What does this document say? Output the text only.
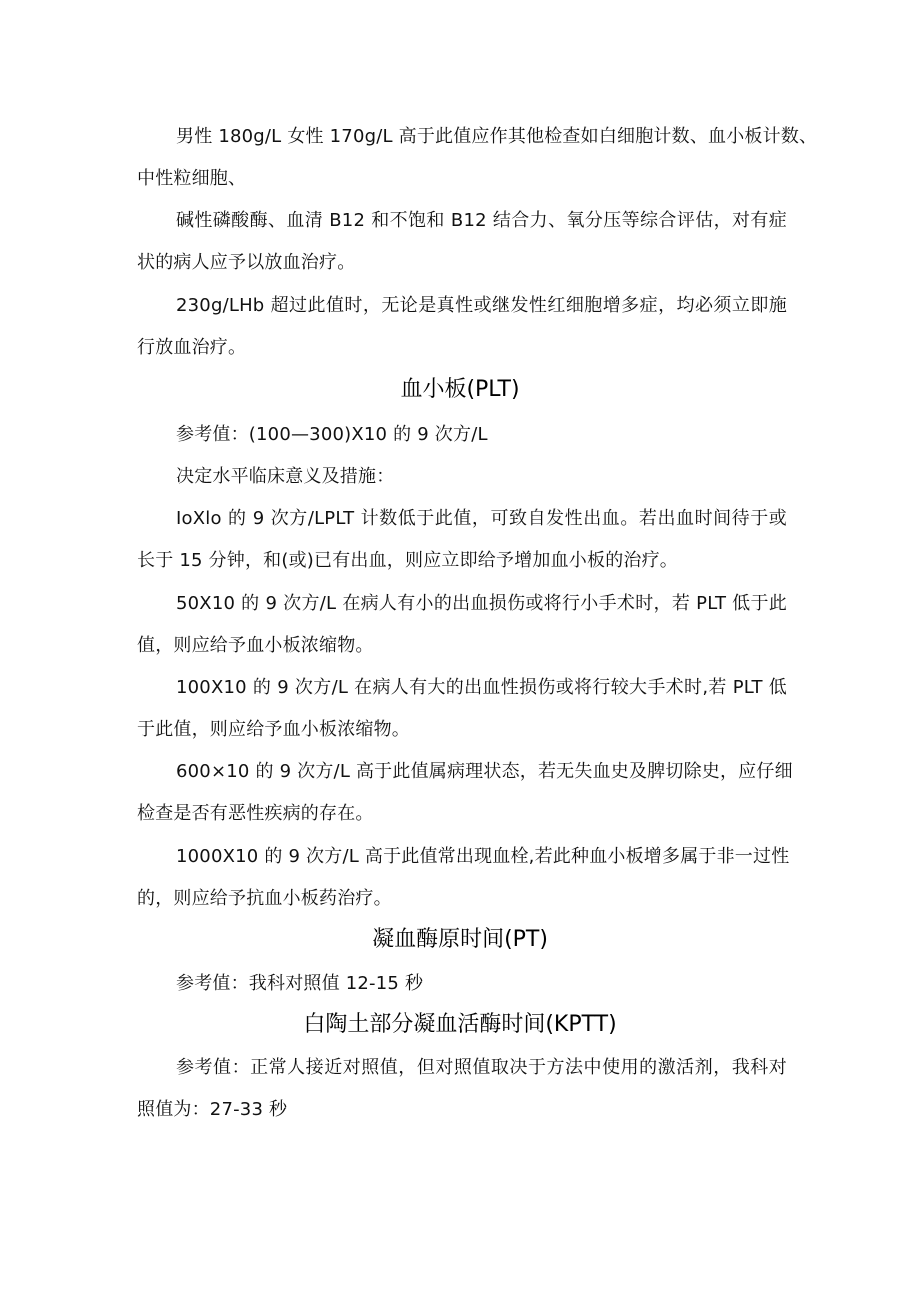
男性 180g/L 女性 170g/L 高于此值应作其他检查如白细胞计数、血小板计数、
中性粒细胞、
碱性磷酸酶、血清 B12 和不饱和 B12 结合力、氧分压等综合评估，对有症
状的病人应予以放血治疗。
230g/LHb 超过此值时，无论是真性或继发性红细胞增多症，均必须立即施
行放血治疗。
血小板(PLT)
参考值：(100—300)X10 的 9 次方/L
决定水平临床意义及措施：
IoXlo 的 9 次方/LPLT 计数低于此值，可致自发性出血。若出血时间待于或
长于 15 分钟，和(或)已有出血，则应立即给予增加血小板的治疗。
50X10 的 9 次方/L 在病人有小的出血损伤或将行小手术时，若 PLT 低于此
值，则应给予血小板浓缩物。
100X10 的 9 次方/L 在病人有大的出血性损伤或将行较大手术时,若 PLT 低
于此值，则应给予血小板浓缩物。
600×10 的 9 次方/L 高于此值属病理状态，若无失血史及脾切除史，应仔细
检查是否有恶性疾病的存在。
1000X10 的 9 次方/L 高于此值常出现血栓,若此种血小板增多属于非一过性
的，则应给予抗血小板药治疗。
凝血酶原时间(PT)
参考值：我科对照值 12-15 秒
白陶土部分凝血活酶时间(KPTT)
参考值：正常人接近对照值，但对照值取决于方法中使用的激活剂，我科对
照值为：27-33 秒
